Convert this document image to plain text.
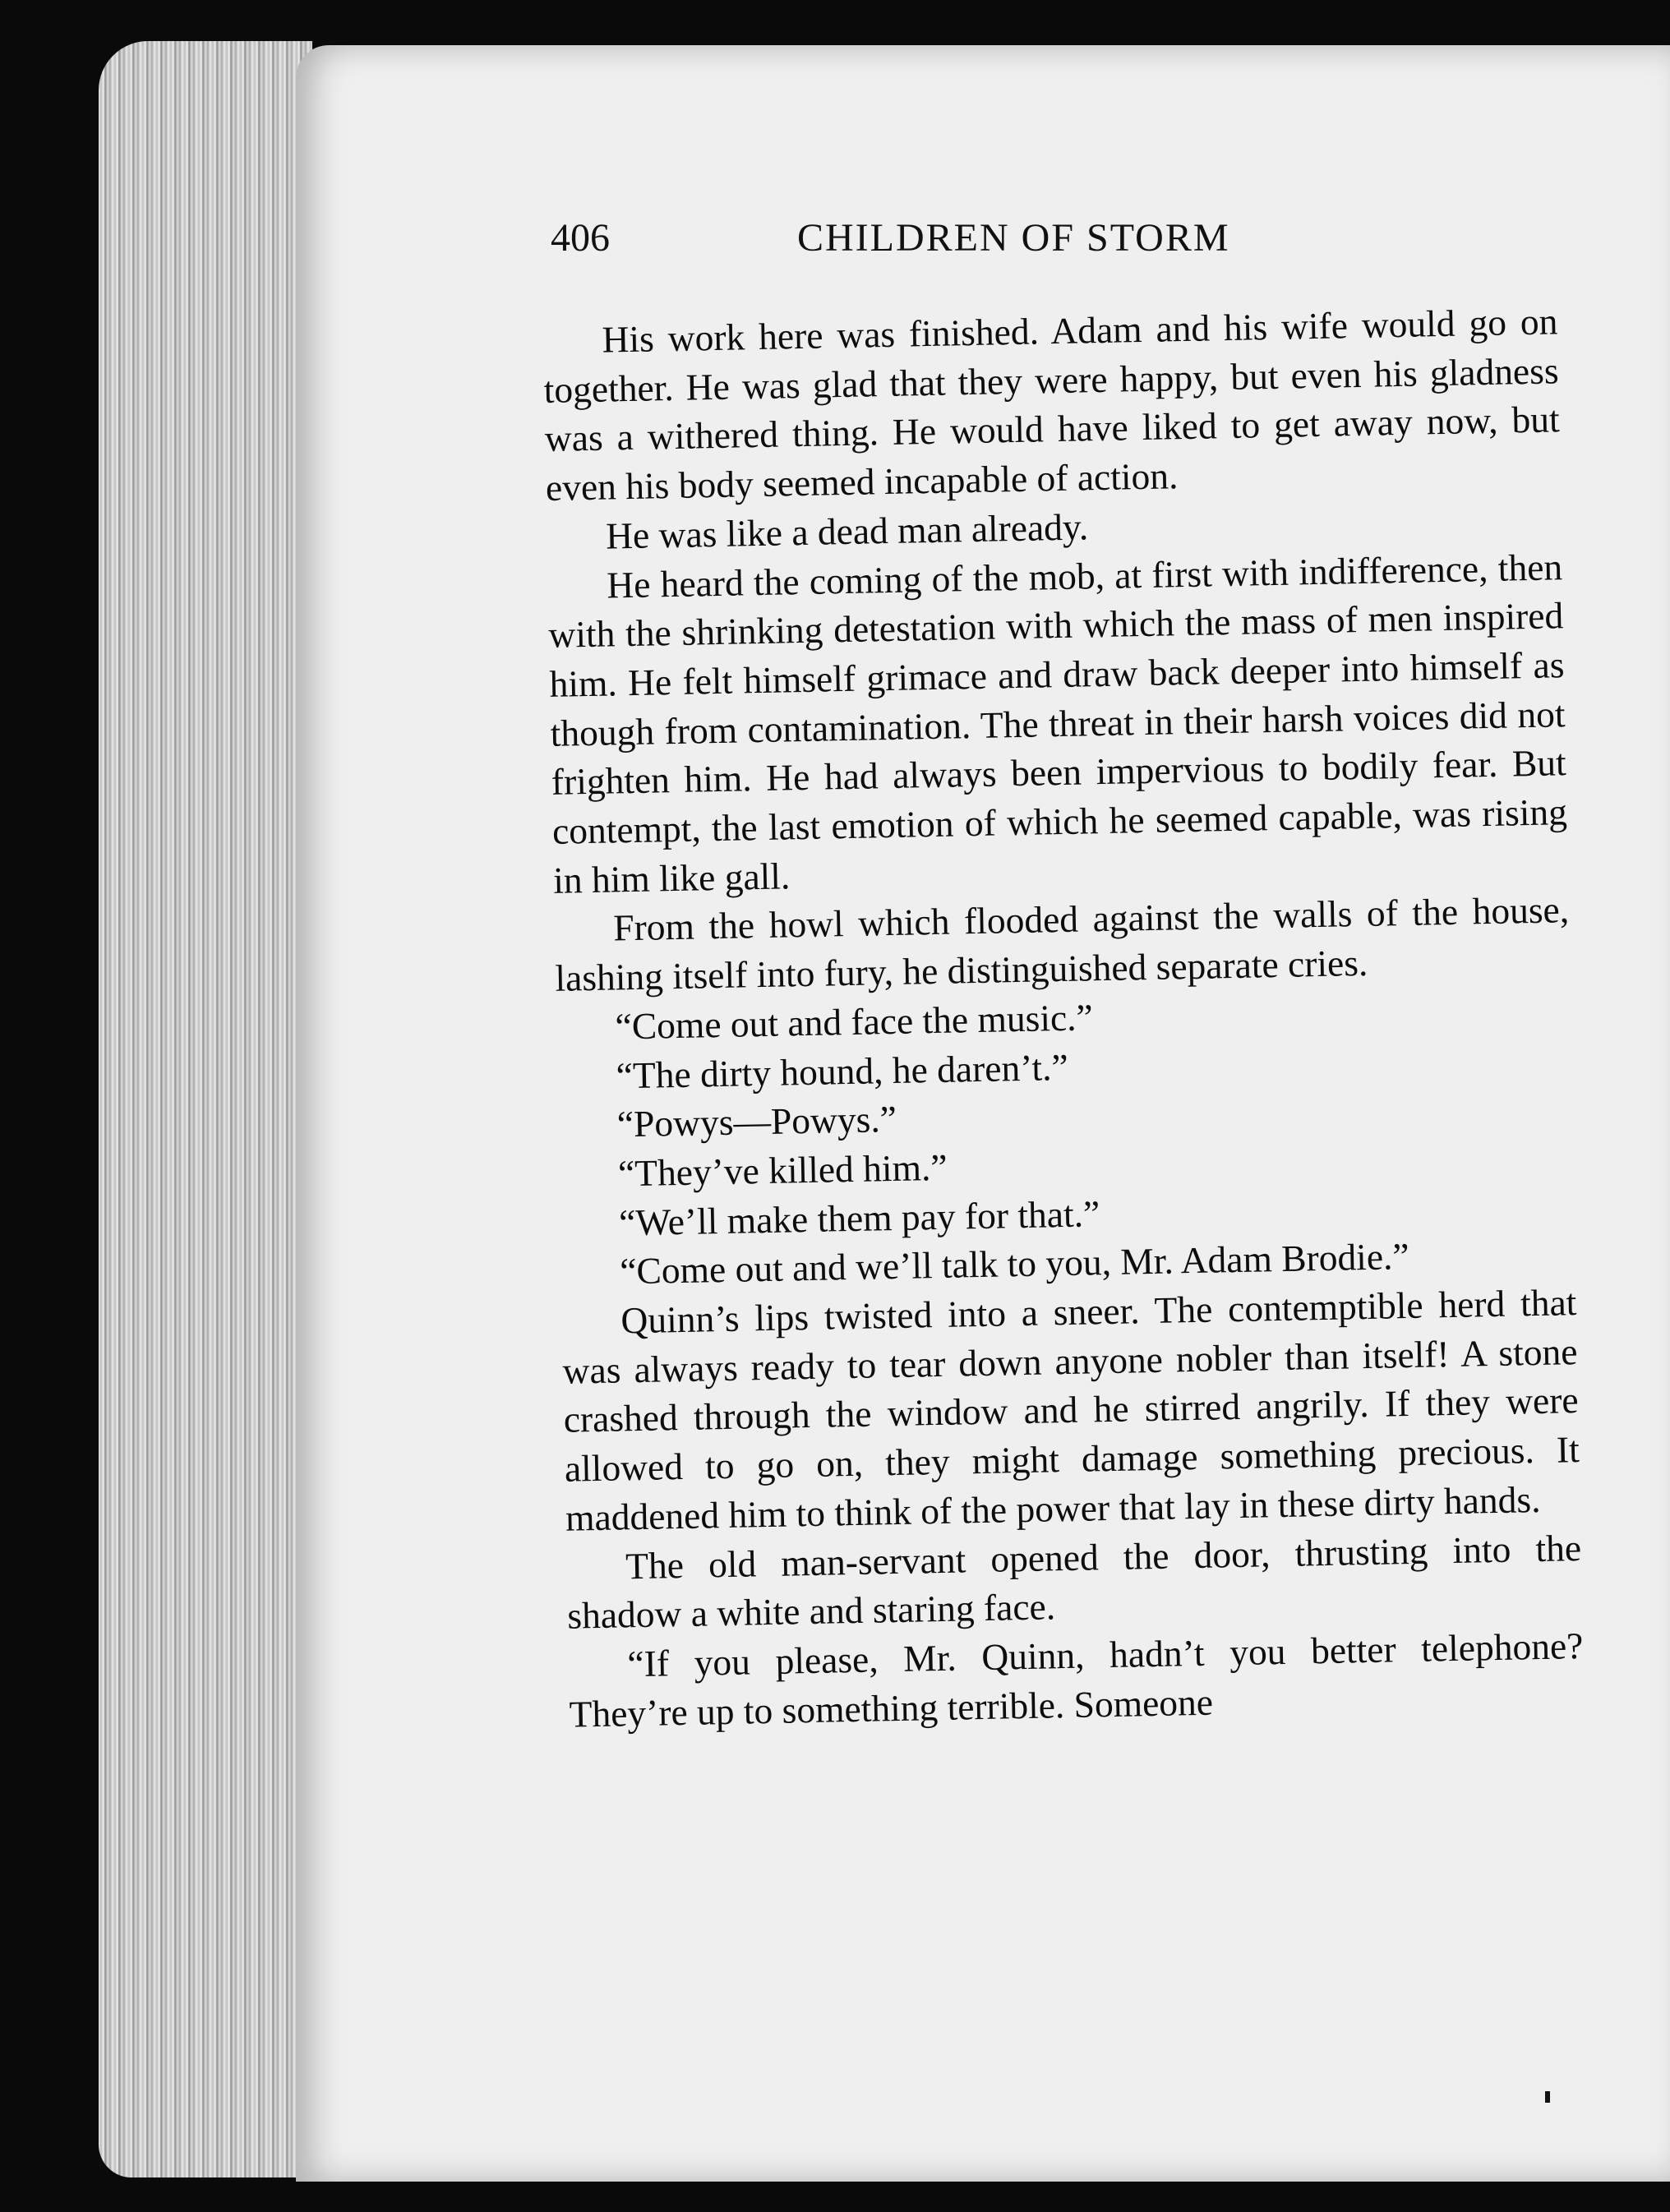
406	CHILDREN OF STORM

His work here was finished. Adam and his wife would go on together. He was glad that they were happy, but even his gladness was a withered thing. He would have liked to get away now, but even his body seemed incapable of action.

He was like a dead man already.

He heard the coming of the mob, at first with indifference, then with the shrinking detestation with which the mass of men inspired him. He felt himself grimace and draw back deeper into himself as though from contamination. The threat in their harsh voices did not frighten him. He had always been impervious to bodily fear. But contempt, the last emotion of which he seemed capable, was rising in him like gall.

From the howl which flooded against the walls of the house, lashing itself into fury, he distinguished separate cries.

“Come out and face the music.”

“The dirty hound, he daren’t.”

“Powys—Powys.”

“They’ve killed him.”

“We’ll make them pay for that.”

“Come out and we’ll talk to you, Mr. Adam Brodie.”

Quinn’s lips twisted into a sneer. The contemptible herd that was always ready to tear down anyone nobler than itself! A stone crashed through the window and he stirred angrily. If they were allowed to go on, they might damage something precious. It maddened him to think of the power that lay in these dirty hands.

The old man-servant opened the door, thrusting into the shadow a white and staring face.

“If you please, Mr. Quinn, hadn’t you better telephone? They’re up to something terrible. Someone
